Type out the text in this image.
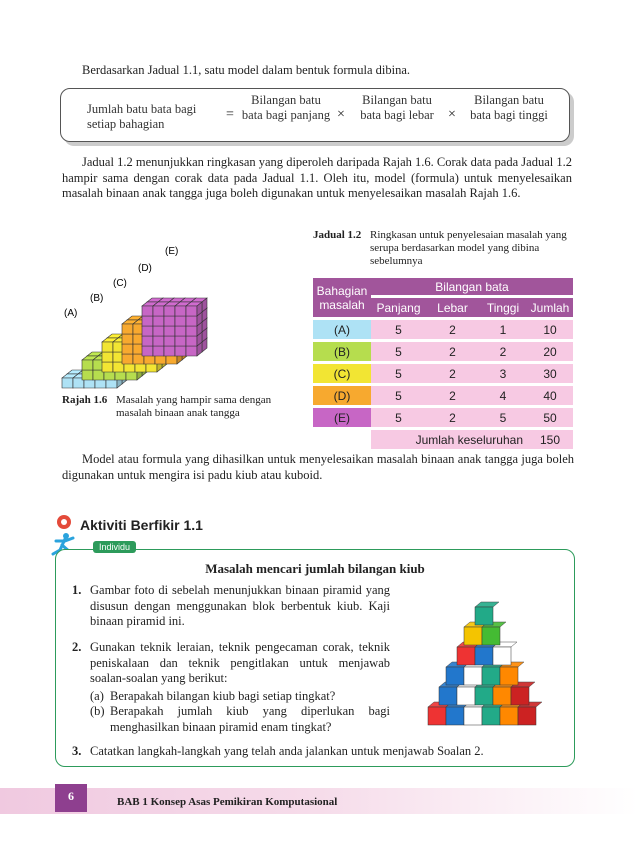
Berdasarkan Jadual 1.1, satu model dalam bentuk formula dibina.

Jumlah batu bata bagi setiap bahagian
=
Bilangan batu bata bagi panjang ×
Bilangan batu bata bagi lebar	×
Bilangan batu bata bagi tinggi

Jadual 1.2 menunjukkan ringkasan yang diperoleh daripada Rajah 1.6. Corak data pada Jadual 1.2 hampir sama dengan corak data pada Jadual 1.1. Oleh itu, model (formula) untuk menyelesaikan masalah binaan anak tangga juga boleh digunakan untuk menyelesaikan masalah Rajah 1.6.

(A)
(B)
(C)
(D)
(E)
Rajah 1.6 Masalah yang hampir sama dengan masalah binaan anak tangga
Jadual 1.2 Ringkasan untuk penyelesaian masalah yang serupa berdasarkan model yang dibina sebelumnya
Bahagian masalah	Bilangan bata			
	Panjang	Lebar	Tinggi	Jumlah
(A)	5	2	1	10
(B)	5	2	2	20
(C)	5	2	3	30
(D)	5	2	4	40
(E)	5	2	5	50
	Jumlah keseluruhan			150

Model atau formula yang dihasilkan untuk menyelesaikan masalah binaan anak tangga juga boleh digunakan untuk mengira isi padu kiub atau kuboid.

Aktiviti Berfikir 1.1
Individu
Masalah mencari jumlah bilangan kiub
1. Gambar foto di sebelah menunjukkan binaan piramid yang disusun dengan menggunakan blok berbentuk kiub. Kaji binaan piramid ini.
2. Gunakan teknik leraian, teknik pengecaman corak, teknik peniskalaan dan teknik pengitlakan untuk menjawab soalan-soalan yang berikut:
(a) Berapakah bilangan kiub bagi setiap tingkat?
(b) Berapakah jumlah kiub yang diperlukan bagi menghasilkan binaan piramid enam tingkat?
3. Catatkan langkah-langkah yang telah anda jalankan untuk menjawab Soalan 2.
6	BAB 1 Konsep Asas Pemikiran Komputasional
